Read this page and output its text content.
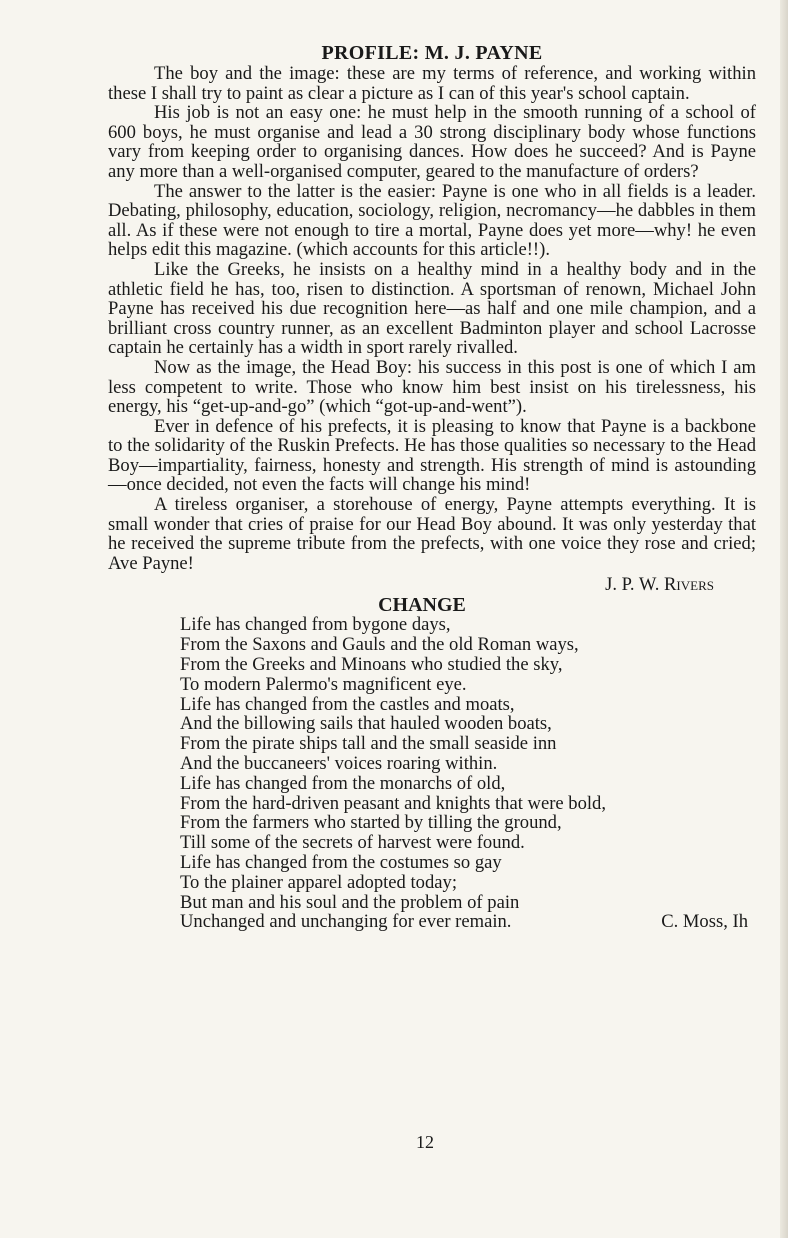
PROFILE: M. J. PAYNE

The boy and the image: these are my terms of reference, and working within these I shall try to paint as clear a picture as I can of this year's school captain.

His job is not an easy one: he must help in the smooth running of a school of 600 boys, he must organise and lead a 30 strong disciplinary body whose functions vary from keeping order to organising dances. How does he succeed? And is Payne any more than a well-organised computer, geared to the manufacture of orders?

The answer to the latter is the easier: Payne is one who in all fields is a leader. Debating, philosophy, education, sociology, religion, necromancy—he dabbles in them all. As if these were not enough to tire a mortal, Payne does yet more—why! he even helps edit this magazine. (which accounts for this article!!).

Like the Greeks, he insists on a healthy mind in a healthy body and in the athletic field he has, too, risen to distinction. A sportsman of renown, Michael John Payne has received his due recognition here—as half and one mile champion, and a brilliant cross country runner, as an excellent Badminton player and school Lacrosse captain he certainly has a width in sport rarely rivalled.

Now as the image, the Head Boy: his success in this post is one of which I am less competent to write. Those who know him best insist on his tirelessness, his energy, his “get-up-and-go” (which “got-up-and-went”).

Ever in defence of his prefects, it is pleasing to know that Payne is a backbone to the solidarity of the Ruskin Prefects. He has those qualities so necessary to the Head Boy—impartiality, fairness, honesty and strength. His strength of mind is astounding—once decided, not even the facts will change his mind!

A tireless organiser, a storehouse of energy, Payne attempts everything. It is small wonder that cries of praise for our Head Boy abound. It was only yesterday that he received the supreme tribute from the prefects, with one voice they rose and cried; Ave Payne!

J. P. W. Rivers

CHANGE
Life has changed from bygone days,
From the Saxons and Gauls and the old Roman ways,
From the Greeks and Minoans who studied the sky,
To modern Palermo's magnificent eye.
Life has changed from the castles and moats,
And the billowing sails that hauled wooden boats,
From the pirate ships tall and the small seaside inn
And the buccaneers' voices roaring within.
Life has changed from the monarchs of old,
From the hard-driven peasant and knights that were bold,
From the farmers who started by tilling the ground,
Till some of the secrets of harvest were found.
Life has changed from the costumes so gay
To the plainer apparel adopted today;
But man and his soul and the problem of pain
Unchanged and unchanging for ever remain.	C. Moss, Ih
12
